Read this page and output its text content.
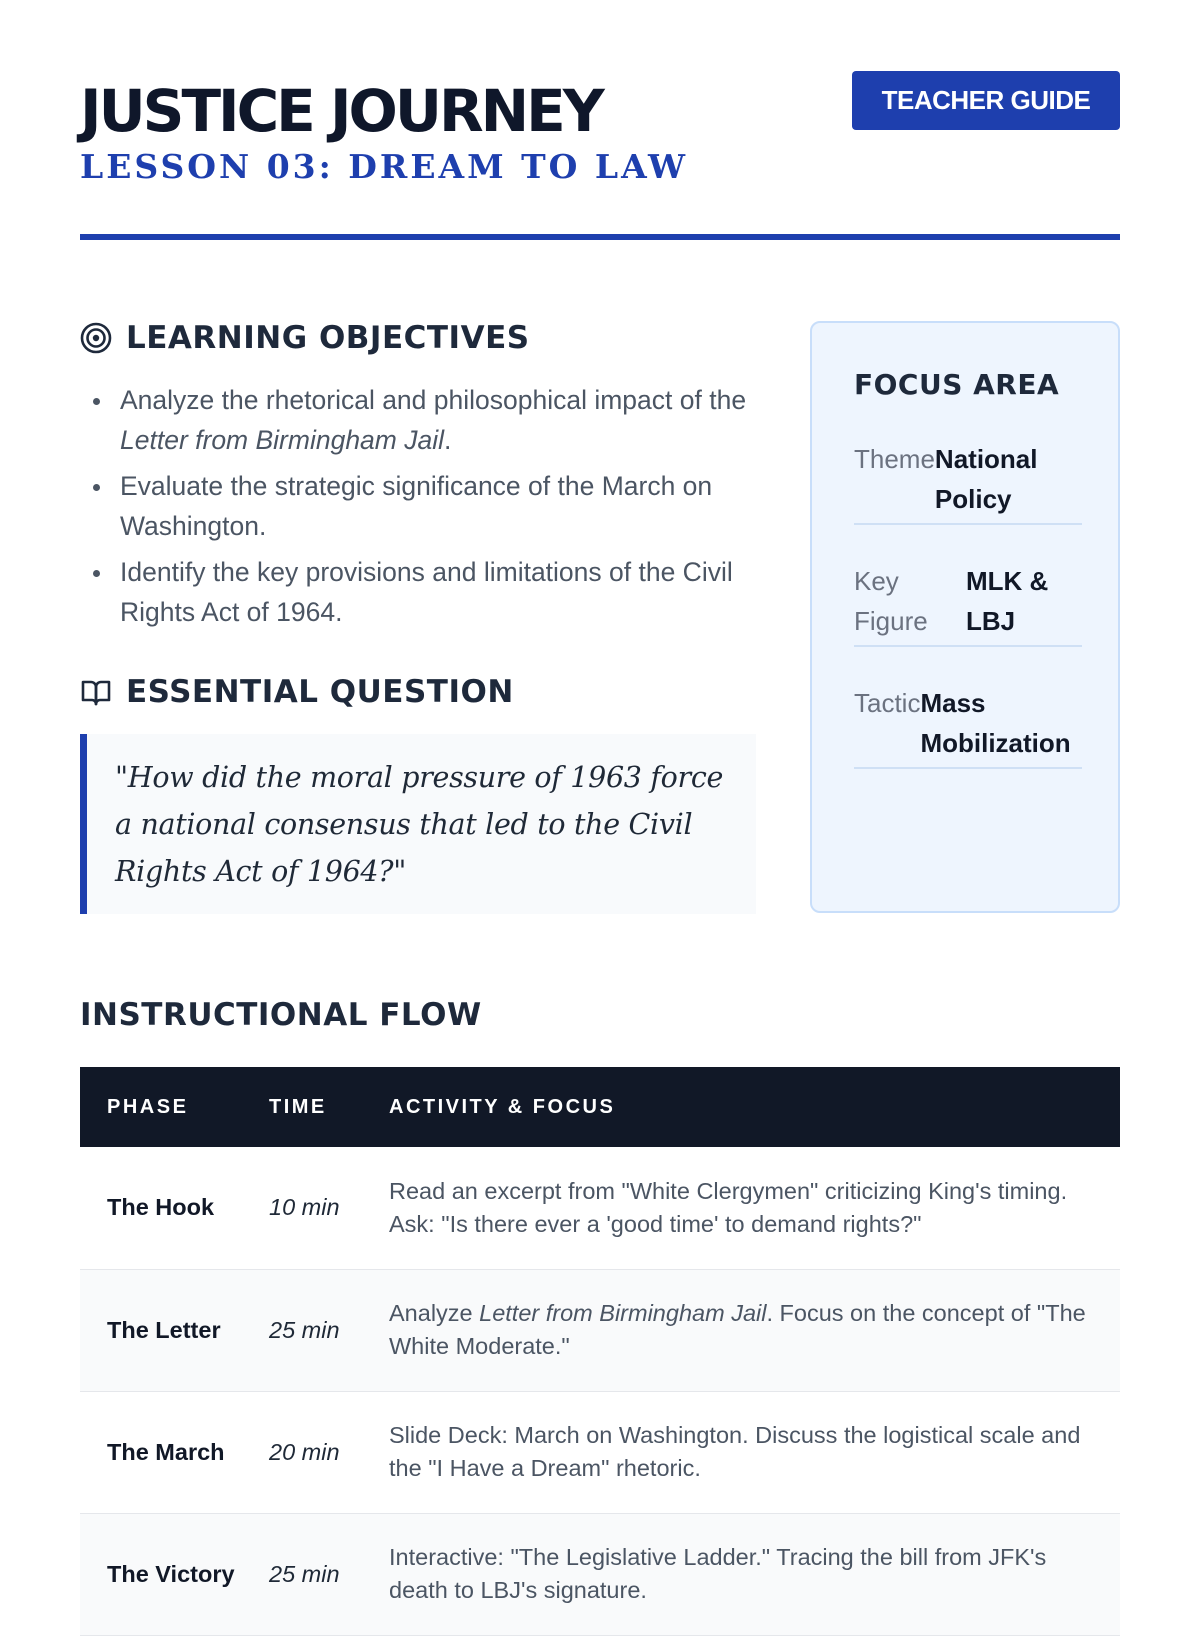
JUSTICE JOURNEY
LESSON 03: DREAM TO LAW
TEACHER GUIDE
LEARNING OBJECTIVES
Analyze the rhetorical and philosophical impact of the Letter from Birmingham Jail.
Evaluate the strategic significance of the March on Washington.
Identify the key provisions and limitations of the Civil Rights Act of 1964.
ESSENTIAL QUESTION

"How did the moral pressure of 1963 force a national consensus that led to the Civil Rights Act of 1964?"

FOCUS AREA
Theme National Policy
Key Figure
MLK & LBJ
Tactic Mass Mobilization
INSTRUCTIONAL FLOW
PHASE	TIME	ACTIVITY & FOCUS
The Hook	10 min	Read an excerpt from "White Clergymen" criticizing King's timing. Ask: "Is there ever a 'good time' to demand rights?"
The Letter	25 min	Analyze Letter from Birmingham Jail. Focus on the concept of "The White Moderate."
The March	20 min	Slide Deck: March on Washington. Discuss the logistical scale and the "I Have a Dream" rhetoric.
The Victory	25 min	Interactive: "The Legislative Ladder." Tracing the bill from JFK's death to LBJ's signature.
